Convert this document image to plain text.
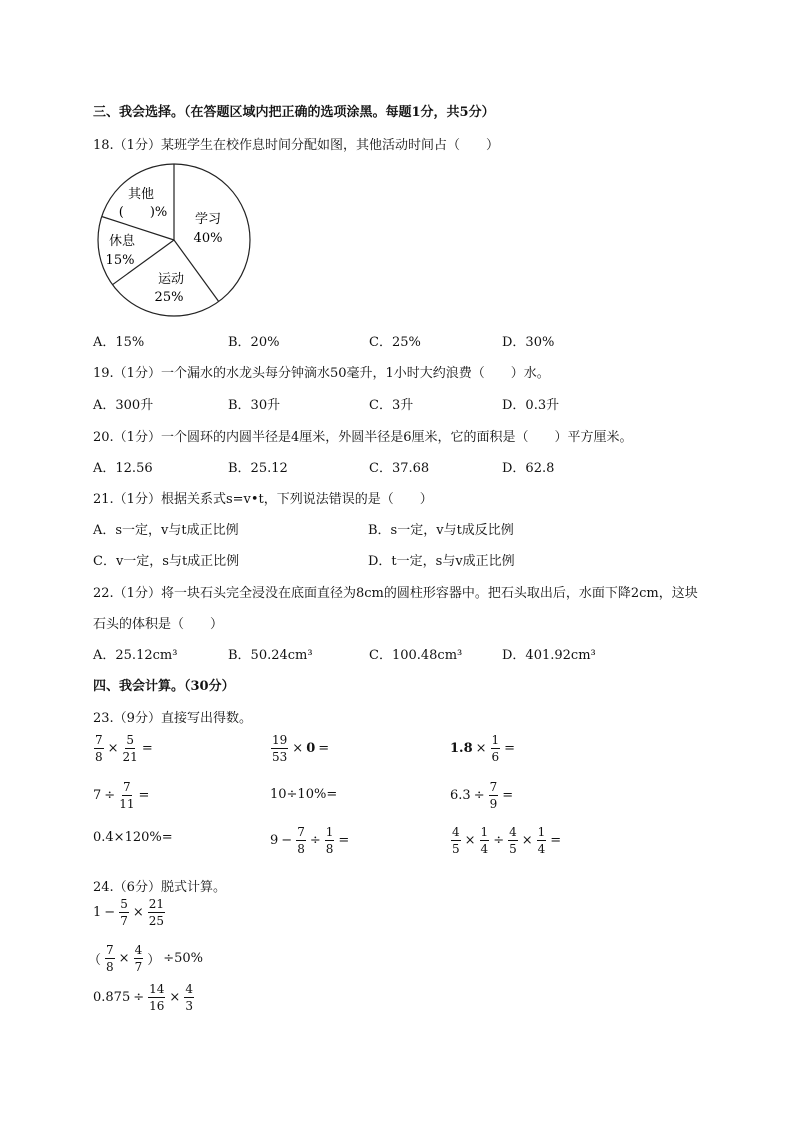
三、我会选择。（在答题区域内把正确的选项涂黑。每题1分，共5分）
18.（1分）某班学生在校作息时间分配如图，其他活动时间占（　　）
其他
(　　)% 学习
40%
休息
15%
运动
25%
A．15%	B．20%	C．25%	D．30%
19.（1分）一个漏水的水龙头每分钟滴水50毫升，1小时大约浪费（　　）水。
A．300升	B．30升	C．3升	D．0.3升
20.（1分）一个圆环的内圆半径是4厘米，外圆半径是6厘米，它的面积是（　　）平方厘米。
A．12.56	B．25.12	C．37.68	D．62.8
21.（1分）根据关系式s=v•t，下列说法错误的是（　　）
A．s一定，v与t成正比例	B．s一定，v与t成反比例
C．v一定，s与t成正比例	D．t一定，s与v成正比例
22.（1分）将一块石头完全浸没在底面直径为8cm的圆柱形容器中。把石头取出后，水面下降2cm，这块
石头的体积是（　　）
A．25.12cm³	B．50.24cm³	C．100.48cm³	D．401.92cm³
四、我会计算。（30分）
23.（9分）直接写出得数。
$\frac{7}{8} \times \frac{5}{21}$ =	$\frac{19}{53} \times 0$ =	$1.8 \times \frac{1}{6}$ =
$7 \div \frac{7}{11}$ =	10÷10%=	$6.3 \div \frac{7}{9}$ =
0.4×120%=	$9 - \frac{7}{8} \div \frac{1}{8}$ =	$\frac{4}{5} \times \frac{1}{4} \div \frac{4}{5} \times \frac{1}{4}$ =
24.（6分）脱式计算。
$1 - \frac{5}{7} \times \frac{21}{25}$
（ $\frac{7}{8} \times \frac{4}{7}$ ） ÷50%
$0.875 \div \frac{14}{16} \times \frac{4}{3}$
